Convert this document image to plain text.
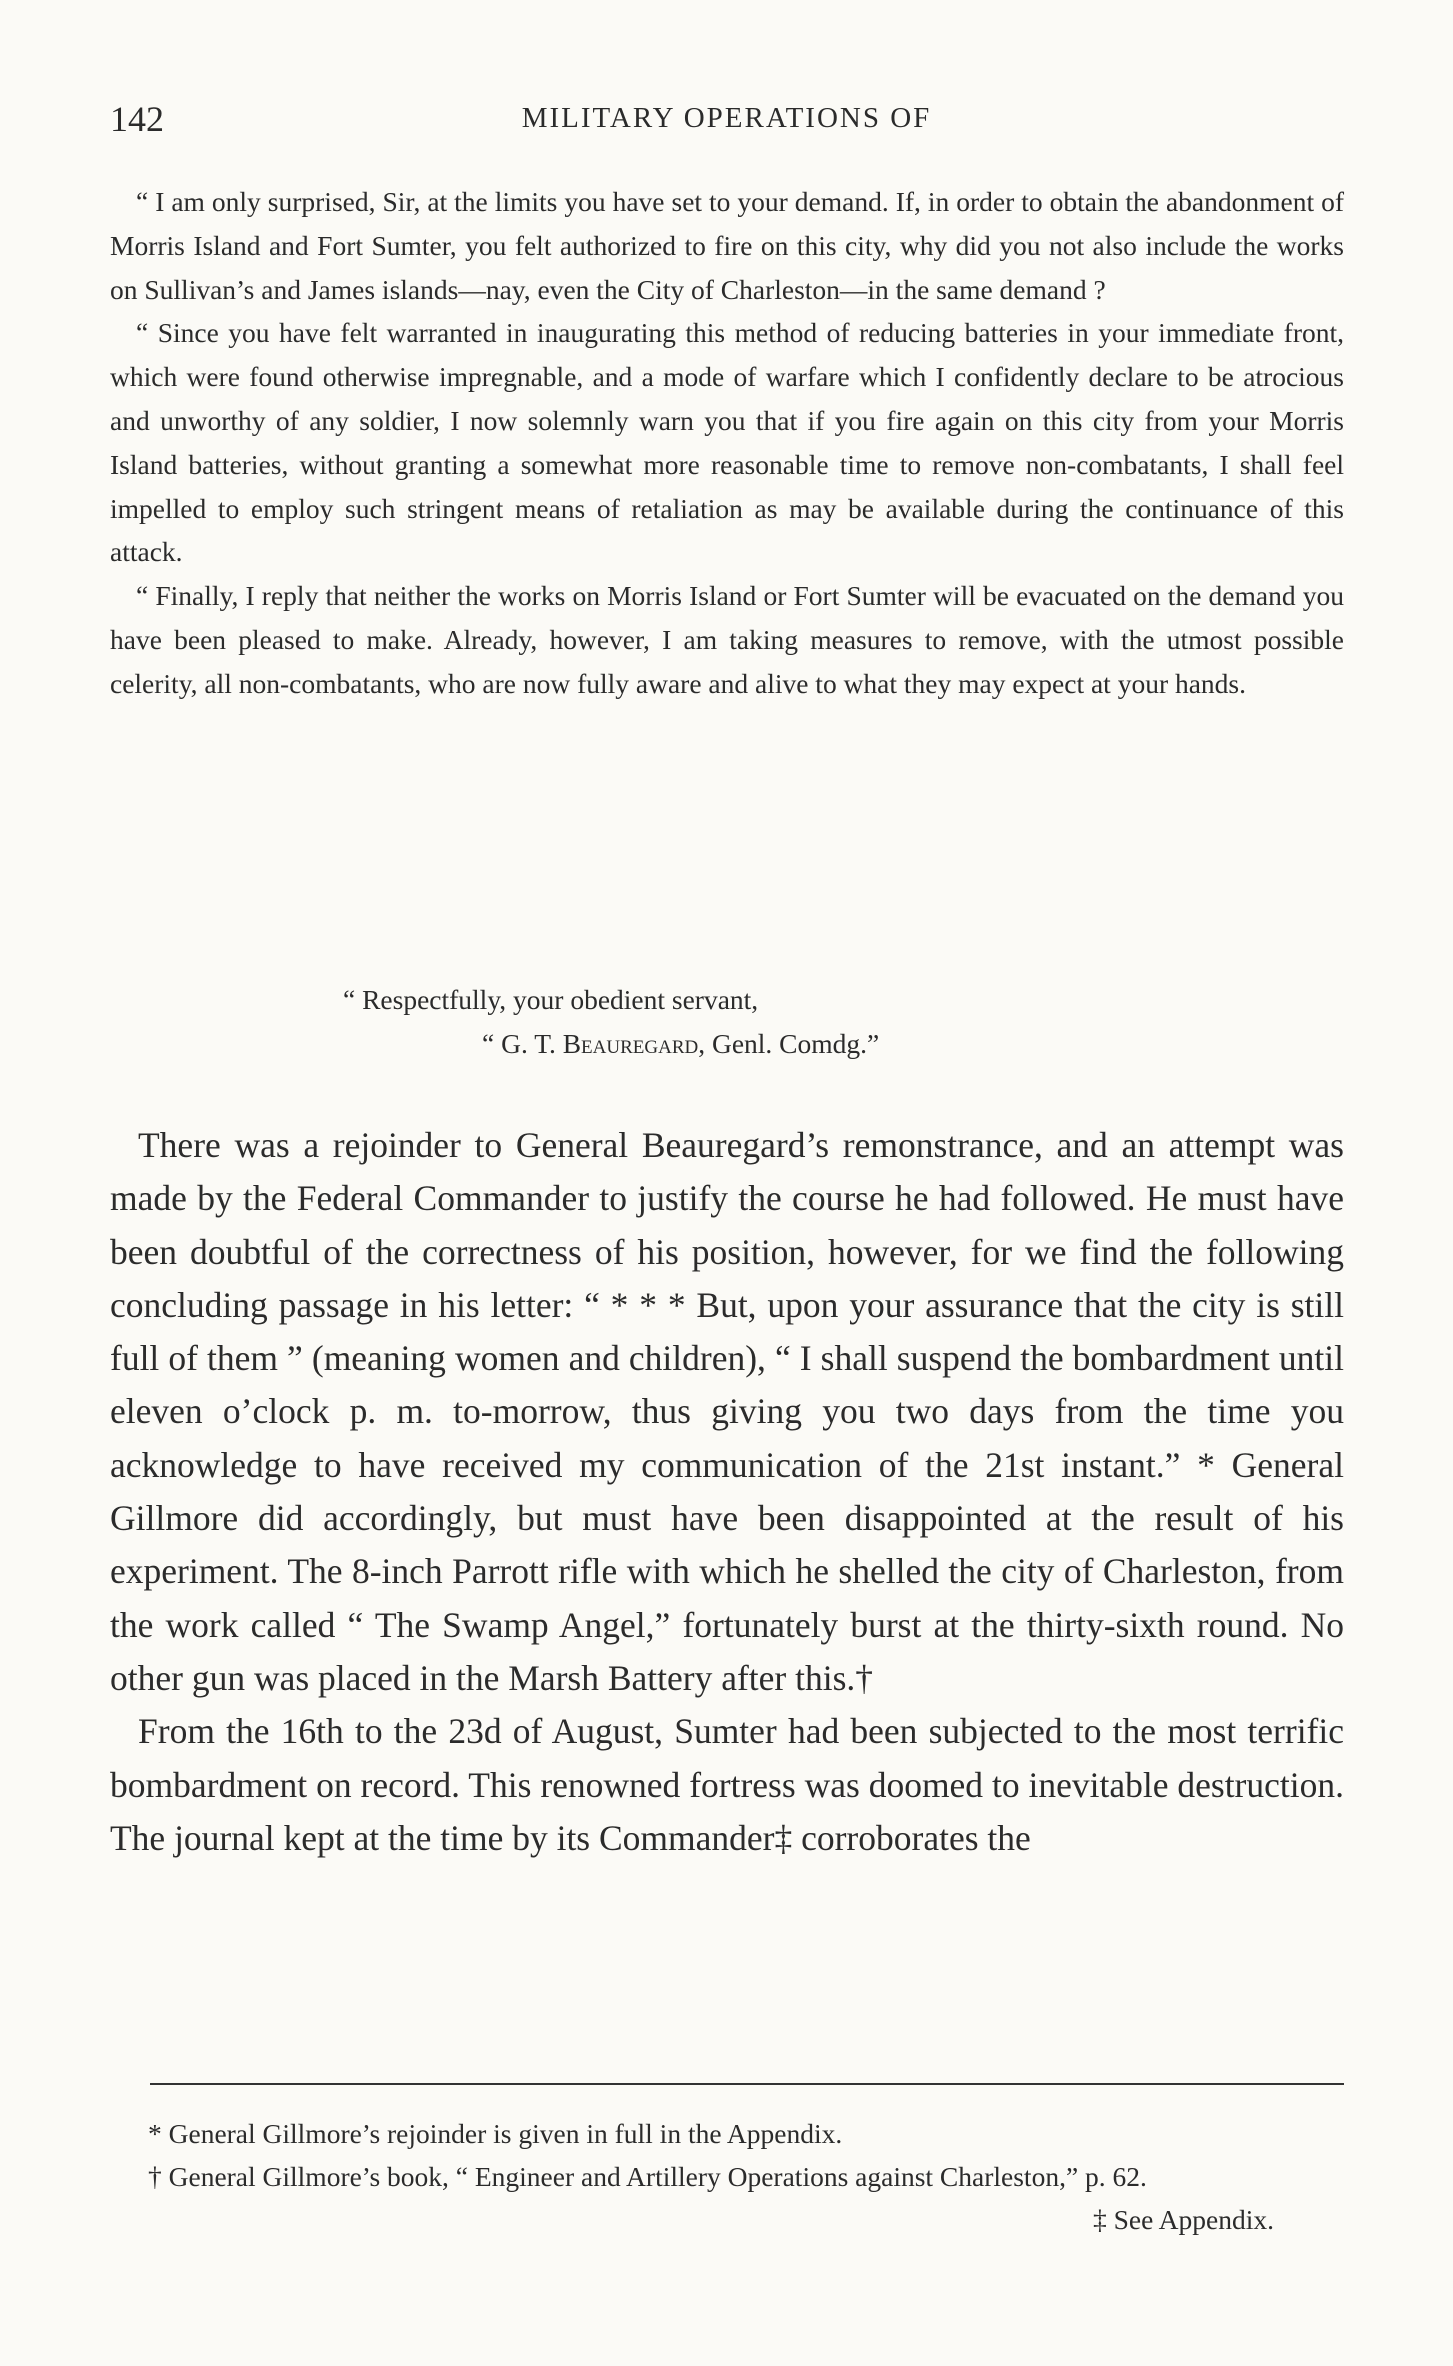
142	MILITARY OPERATIONS OF

“ I am only surprised, Sir, at the limits you have set to your demand. If, in order to obtain the abandonment of Morris Island and Fort Sumter, you felt authorized to fire on this city, why did you not also include the works on Sullivan’s and James islands—nay, even the City of Charleston—in the same demand ?

“ Since you have felt warranted in inaugurating this method of reducing batteries in your immediate front, which were found otherwise impregnable, and a mode of warfare which I confidently declare to be atrocious and unworthy of any soldier, I now solemnly warn you that if you fire again on this city from your Morris Island batteries, without granting a somewhat more reasonable time to remove non-combatants, I shall feel impelled to employ such stringent means of retaliation as may be available during the continuance of this attack.

“ Finally, I reply that neither the works on Morris Island or Fort Sumter will be evacuated on the demand you have been pleased to make. Already, however, I am taking measures to remove, with the utmost possible celerity, all non-combatants, who are now fully aware and alive to what they may expect at your hands.

“ Respectfully, your obedient servant,
“ G. T. Beauregard, Genl. Comdg.”

There was a rejoinder to General Beauregard’s remonstrance, and an attempt was made by the Federal Commander to justify the course he had followed. He must have been doubtful of the correctness of his position, however, for we find the following concluding passage in his letter: “ * * * But, upon your assurance that the city is still full of them ” (meaning women and children), “ I shall suspend the bombardment until eleven o’clock p. m. to-morrow, thus giving you two days from the time you acknowledge to have received my communication of the 21st instant.” * General Gillmore did accordingly, but must have been disappointed at the result of his experiment. The 8-inch Parrott rifle with which he shelled the city of Charleston, from the work called “ The Swamp Angel,” fortunately burst at the thirty-sixth round. No other gun was placed in the Marsh Battery after this.†

From the 16th to the 23d of August, Sumter had been subjected to the most terrific bombardment on record. This renowned fortress was doomed to inevitable destruction. The journal kept at the time by its Commander‡ corroborates the

* General Gillmore’s rejoinder is given in full in the Appendix.

† General Gillmore’s book, “ Engineer and Artillery Operations against Charleston,” p. 62.

‡ See Appendix.
